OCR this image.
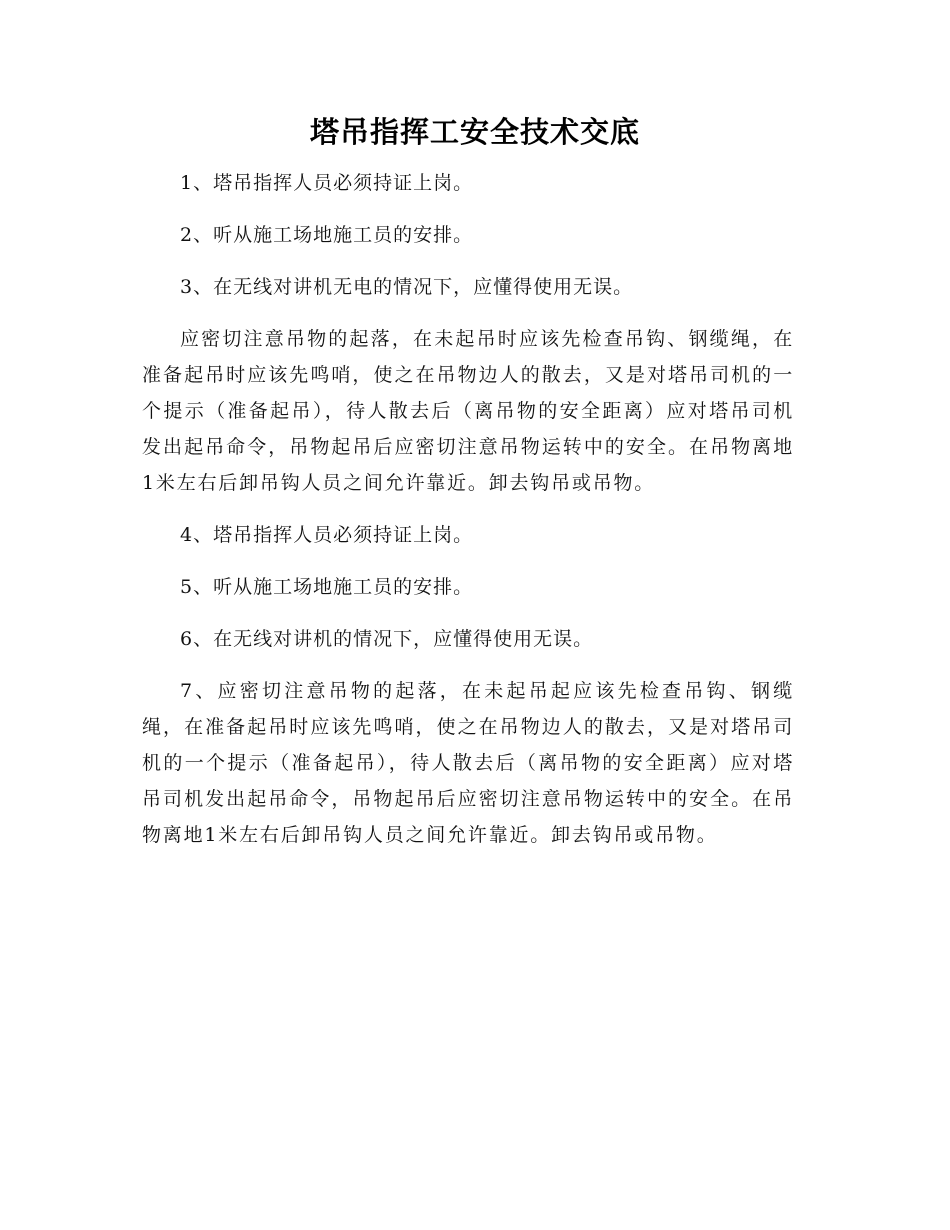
塔吊指挥工安全技术交底

1、塔吊指挥人员必须持证上岗。

2、听从施工场地施工员的安排。

3、在无线对讲机无电的情况下，应懂得使用无误。

应密切注意吊物的起落，在未起吊时应该先检查吊钩、钢缆绳，在准备起吊时应该先鸣哨，使之在吊物边人的散去，又是对塔吊司机的一个提示（准备起吊），待人散去后（离吊物的安全距离）应对塔吊司机发出起吊命令，吊物起吊后应密切注意吊物运转中的安全。在吊物离地1米左右后卸吊钩人员之间允许靠近。卸去钩吊或吊物。

4、塔吊指挥人员必须持证上岗。

5、听从施工场地施工员的安排。

6、在无线对讲机的情况下，应懂得使用无误。

7、应密切注意吊物的起落，在未起吊起应该先检查吊钩、钢缆绳，在准备起吊时应该先鸣哨，使之在吊物边人的散去，又是对塔吊司机的一个提示（准备起吊），待人散去后（离吊物的安全距离）应对塔吊司机发出起吊命令，吊物起吊后应密切注意吊物运转中的安全。在吊物离地1米左右后卸吊钩人员之间允许靠近。卸去钩吊或吊物。
